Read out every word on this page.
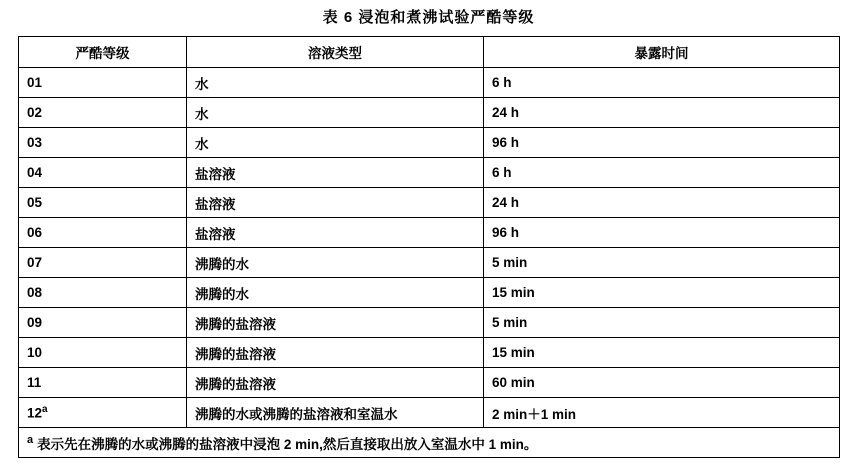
表 6 浸泡和煮沸试验严酷等级
严酷等级	溶液类型	暴露时间
01	水	6 h
02	水	24 h
03	水	96 h
04	盐溶液	6 h
05	盐溶液	24 h
06	盐溶液	96 h
07	沸腾的水	5 min
08	沸腾的水	15 min
09	沸腾的盐溶液	5 min
10	沸腾的盐溶液	15 min
11	沸腾的盐溶液	60 min
12$^a$	沸腾的水或沸腾的盐溶液和室温水	2 min＋1 min
$^a$ 表示先在沸腾的水或沸腾的盐溶液中浸泡 2 min,然后直接取出放入室温水中 1 min。		
